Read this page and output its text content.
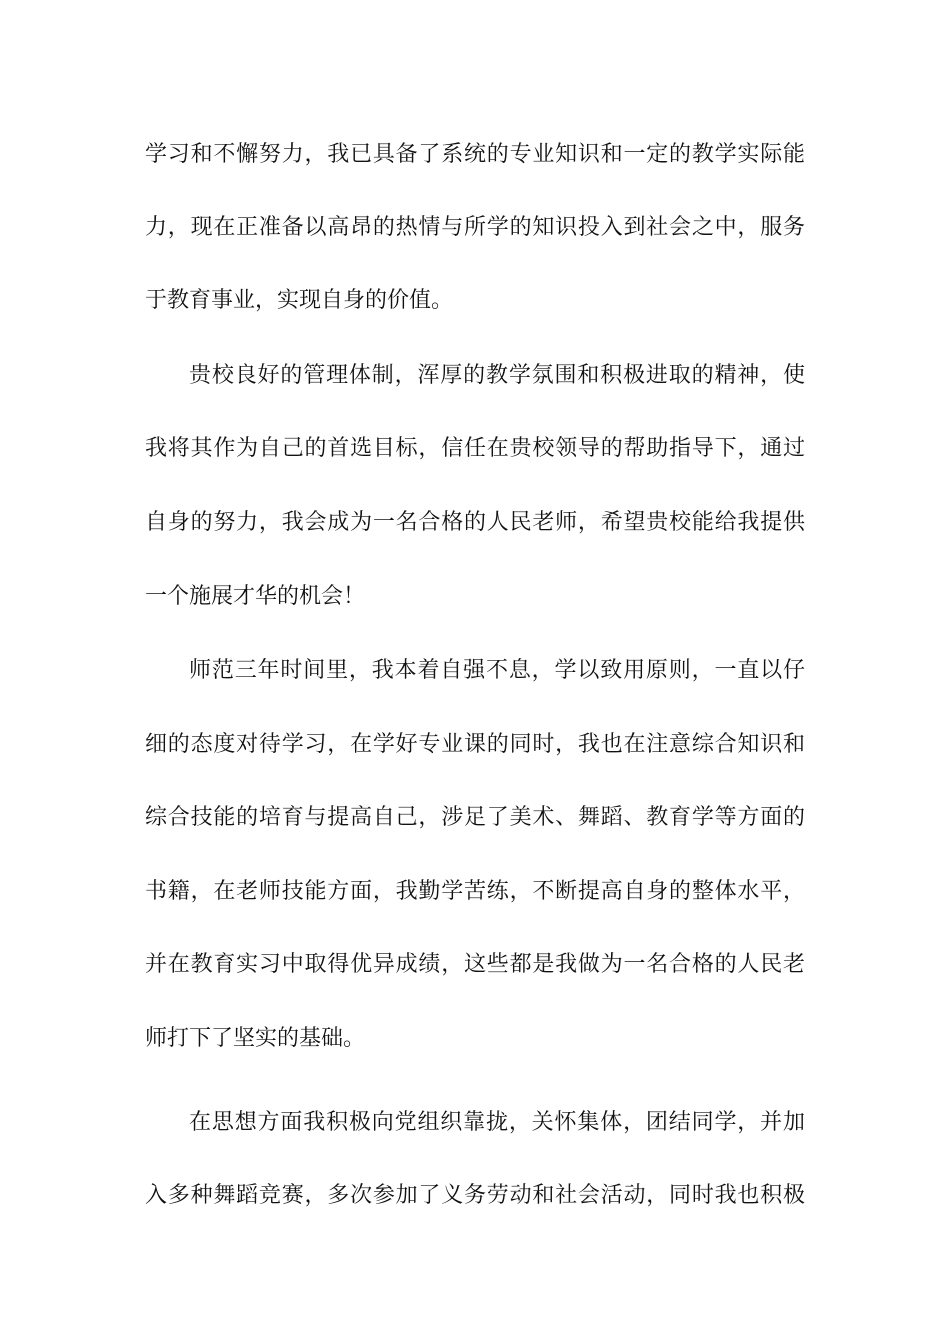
学习和不懈努力，我已具备了系统的专业知识和一定的教学实际能
力，现在正准备以高昂的热情与所学的知识投入到社会之中，服务
于教育事业，实现自身的价值。
贵校良好的管理体制，浑厚的教学氛围和积极进取的精神，使
我将其作为自己的首选目标，信任在贵校领导的帮助指导下，通过
自身的努力，我会成为一名合格的人民老师，希望贵校能给我提供
一个施展才华的机会！
师范三年时间里，我本着自强不息，学以致用原则，一直以仔
细的态度对待学习，在学好专业课的同时，我也在注意综合知识和
综合技能的培育与提高自己，涉足了美术、舞蹈、教育学等方面的
书籍，在老师技能方面，我勤学苦练，不断提高自身的整体水平，
并在教育实习中取得优异成绩，这些都是我做为一名合格的人民老
师打下了坚实的基础。
在思想方面我积极向党组织靠拢，关怀集体，团结同学，并加
入多种舞蹈竞赛，多次参加了义务劳动和社会活动，同时我也积极
